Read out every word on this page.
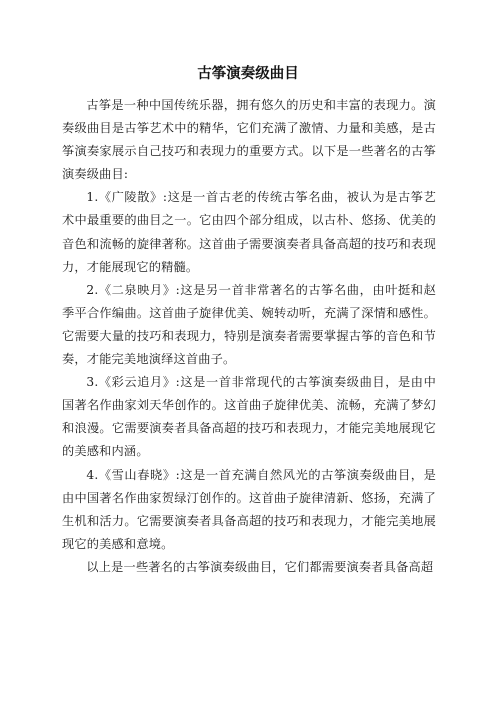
古筝演奏级曲目

古筝是一种中国传统乐器，拥有悠久的历史和丰富的表现力。演奏级曲目是古筝艺术中的精华，它们充满了激情、力量和美感，是古筝演奏家展示自己技巧和表现力的重要方式。以下是一些著名的古筝演奏级曲目:

1.《广陵散》:这是一首古老的传统古筝名曲，被认为是古筝艺术中最重要的曲目之一。它由四个部分组成，以古朴、悠扬、优美的音色和流畅的旋律著称。这首曲子需要演奏者具备高超的技巧和表现力，才能展现它的精髓。

2.《二泉映月》:这是另一首非常著名的古筝名曲，由叶挺和赵季平合作编曲。这首曲子旋律优美、婉转动听，充满了深情和感性。它需要大量的技巧和表现力，特别是演奏者需要掌握古筝的音色和节奏，才能完美地演绎这首曲子。

3.《彩云追月》:这是一首非常现代的古筝演奏级曲目，是由中国著名作曲家刘天华创作的。这首曲子旋律优美、流畅，充满了梦幻和浪漫。它需要演奏者具备高超的技巧和表现力，才能完美地展现它的美感和内涵。

4.《雪山春晓》:这是一首充满自然风光的古筝演奏级曲目，是由中国著名作曲家贺绿汀创作的。这首曲子旋律清新、悠扬，充满了生机和活力。它需要演奏者具备高超的技巧和表现力，才能完美地展现它的美感和意境。

以上是一些著名的古筝演奏级曲目，它们都需要演奏者具备高超
